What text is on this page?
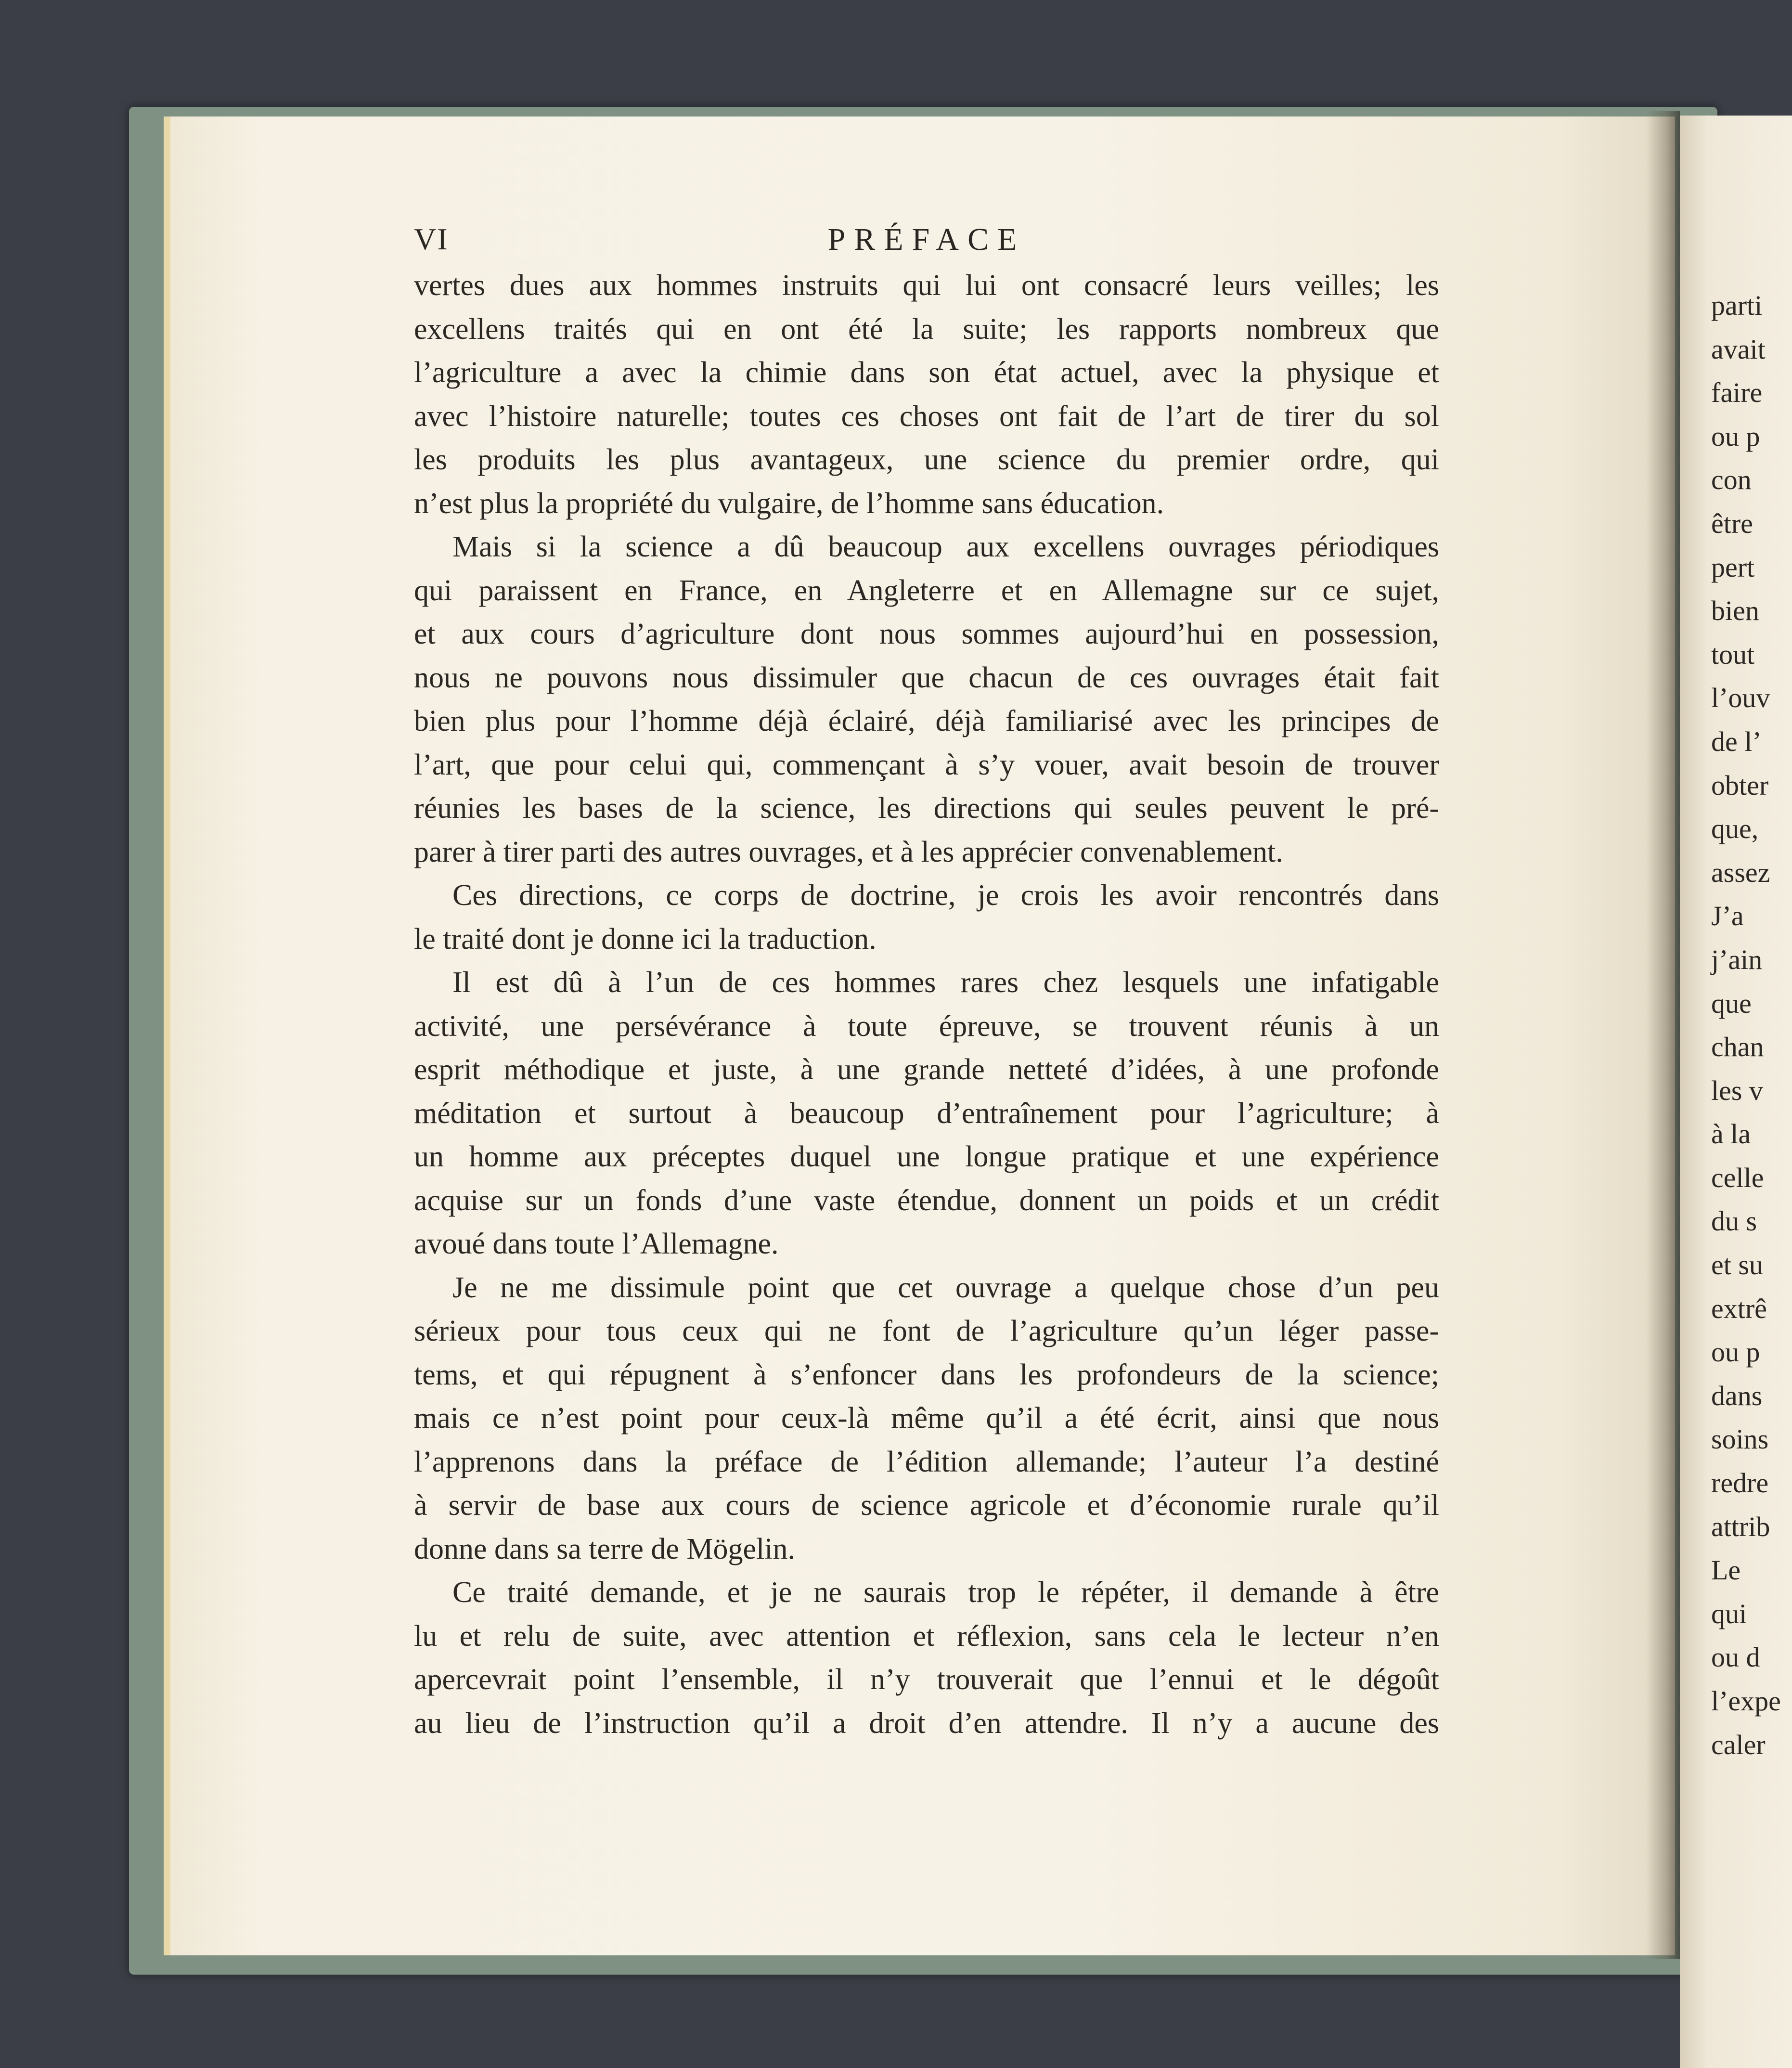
VI	PRÉFACE
vertes dues aux hommes instruits qui lui ont consacré leurs veilles; les
excellens traités qui en ont été la suite; les rapports nombreux que
l’agriculture a avec la chimie dans son état actuel, avec la physique et
avec l’histoire naturelle; toutes ces choses ont fait de l’art de tirer du sol
les produits les plus avantageux, une science du premier ordre, qui
n’est plus la propriété du vulgaire, de l’homme sans éducation.
Mais si la science a dû beaucoup aux excellens ouvrages périodiques
qui paraissent en France, en Angleterre et en Allemagne sur ce sujet,
et aux cours d’agriculture dont nous sommes aujourd’hui en possession,
nous ne pouvons nous dissimuler que chacun de ces ouvrages était fait
bien plus pour l’homme déjà éclairé, déjà familiarisé avec les principes de
l’art, que pour celui qui, commençant à s’y vouer, avait besoin de trouver
réunies les bases de la science, les directions qui seules peuvent le pré-
parer à tirer parti des autres ouvrages, et à les apprécier convenablement.
Ces directions, ce corps de doctrine, je crois les avoir rencontrés dans
le traité dont je donne ici la traduction.
Il est dû à l’un de ces hommes rares chez lesquels une infatigable
activité, une persévérance à toute épreuve, se trouvent réunis à un
esprit méthodique et juste, à une grande netteté d’idées, à une profonde
méditation et surtout à beaucoup d’entraînement pour l’agriculture; à
un homme aux préceptes duquel une longue pratique et une expérience
acquise sur un fonds d’une vaste étendue, donnent un poids et un crédit
avoué dans toute l’Allemagne.
Je ne me dissimule point que cet ouvrage a quelque chose d’un peu
sérieux pour tous ceux qui ne font de l’agriculture qu’un léger passe-
tems, et qui répugnent à s’enfoncer dans les profondeurs de la science;
mais ce n’est point pour ceux-là même qu’il a été écrit, ainsi que nous
l’apprenons dans la préface de l’édition allemande; l’auteur l’a destiné
à servir de base aux cours de science agricole et d’économie rurale qu’il
donne dans sa terre de Mögelin.
Ce traité demande, et je ne saurais trop le répéter, il demande à être
lu et relu de suite, avec attention et réflexion, sans cela le lecteur n’en
apercevrait point l’ensemble, il n’y trouverait que l’ennui et le dégoût
au lieu de l’instruction qu’il a droit d’en attendre. Il n’y a aucune des
parti
avait
faire
ou p
con
être
pert
bien
tout
l’ouv
de l’
obter
que,
assez
J’a
j’ain
que
chan
les v
à la
celle
du s
et su
extrê
ou p
dans
soins
redre
attrib
Le
qui
ou d
l’expe
caler
